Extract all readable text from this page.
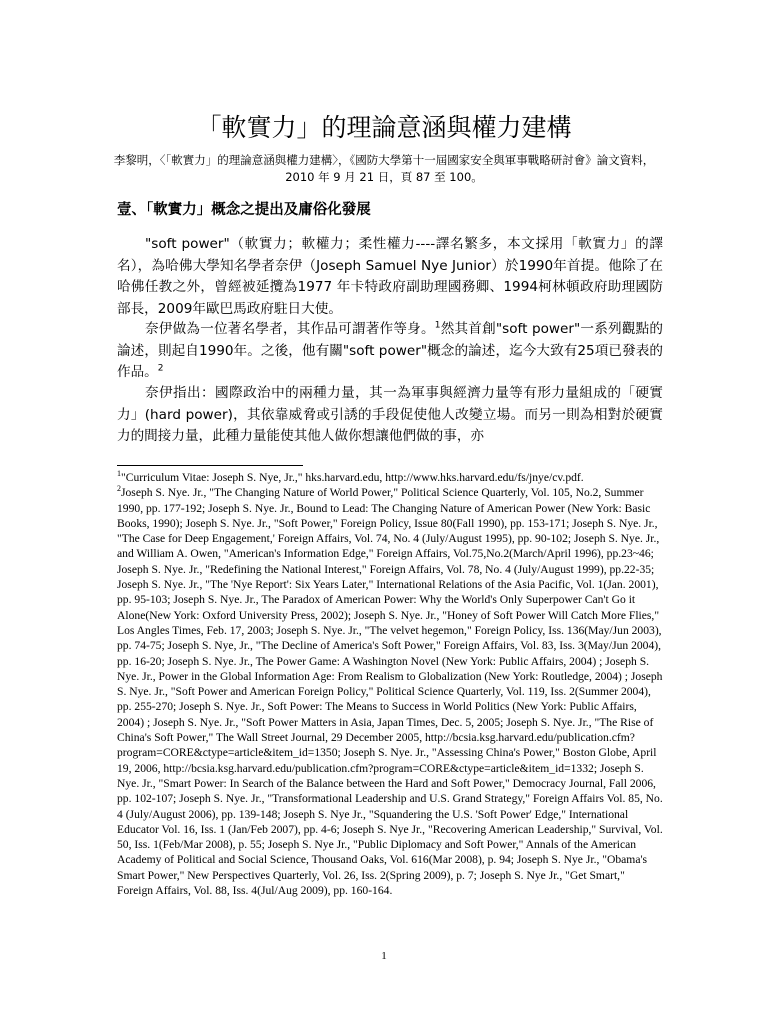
「軟實力」的理論意涵與權力建構
李黎明，〈「軟實力」的理論意涵與權力建構〉，《國防大學第十一屆國家安全與軍事戰略研討會》論文資料，2010 年 9 月 21 日，頁 87 至 100。
壹、「軟實力」概念之提出及庸俗化發展

"soft power"（軟實力；軟權力；柔性權力----譯名繁多，本文採用「軟實力」的譯名），為哈佛大學知名學者奈伊（Joseph Samuel Nye Junior）於1990年首提。他除了在哈佛任教之外，曾經被延攬為1977 年卡特政府副助理國務卿、1994柯林頓政府助理國防部長，2009年歐巴馬政府駐日大使。

奈伊做為一位著名學者，其作品可謂著作等身。$^1$然其首創"soft power"一系列觀點的論述，則起自1990年。之後，他有關"soft power"概念的論述，迄今大致有25項已發表的作品。$^2$

奈伊指出：國際政治中的兩種力量，其一為軍事與經濟力量等有形力量組成的「硬實力」(hard power)，其依靠威脅或引誘的手段促使他人改變立場。而另一則為相對於硬實力的間接力量，此種力量能使其他人做你想讓他們做的事，亦

$^1$"Curriculum Vitae: Joseph S. Nye, Jr.," hks.harvard.edu, http://www.hks.harvard.edu/fs/jnye/cv.pdf.

$^2$Joseph S. Nye. Jr., "The Changing Nature of World Power," Political Science Quarterly, Vol. 105, No.2, Summer 1990, pp. 177-192; Joseph S. Nye. Jr., Bound to Lead: The Changing Nature of American Power (New York: Basic Books, 1990); Joseph S. Nye. Jr., "Soft Power," Foreign Policy, Issue 80(Fall 1990), pp. 153-171; Joseph S. Nye. Jr., "The Case for Deep Engagement,' Foreign Affairs, Vol. 74, No. 4 (July/August 1995), pp. 90-102; Joseph S. Nye. Jr., and William A. Owen, "American's Information Edge," Foreign Affairs, Vol.75,No.2(March/April 1996), pp.23~46; Joseph S. Nye. Jr., "Redefining the National Interest," Foreign Affairs, Vol. 78, No. 4 (July/August 1999), pp.22-35; Joseph S. Nye. Jr., "The 'Nye Report': Six Years Later," International Relations of the Asia Pacific, Vol. 1(Jan. 2001), pp. 95-103; Joseph S. Nye. Jr., The Paradox of American Power: Why the World's Only Superpower Can't Go it Alone(New York: Oxford University Press, 2002); Joseph S. Nye. Jr., "Honey of Soft Power Will Catch More Flies," Los Angles Times, Feb. 17, 2003; Joseph S. Nye. Jr., "The velvet hegemon," Foreign Policy, Iss. 136(May/Jun 2003), pp. 74-75; Joseph S. Nye, Jr., "The Decline of America's Soft Power," Foreign Affairs, Vol. 83, Iss. 3(May/Jun 2004), pp. 16-20; Joseph S. Nye. Jr., The Power Game: A Washington Novel (New York: Public Affairs, 2004) ; Joseph S. Nye. Jr., Power in the Global Information Age: From Realism to Globalization (New York: Routledge, 2004) ; Joseph S. Nye. Jr., "Soft Power and American Foreign Policy," Political Science Quarterly, Vol. 119, Iss. 2(Summer 2004), pp. 255-270; Joseph S. Nye. Jr., Soft Power: The Means to Success in World Politics (New York: Public Affairs, 2004) ; Joseph S. Nye. Jr., "Soft Power Matters in Asia, Japan Times, Dec. 5, 2005; Joseph S. Nye. Jr., "The Rise of China's Soft Power," The Wall Street Journal, 29 December 2005, http://bcsia.ksg.harvard.edu/publication.cfm?program=CORE&ctype=article&item_id=1350; Joseph S. Nye. Jr., "Assessing China's Power," Boston Globe, April 19, 2006, http://bcsia.ksg.harvard.edu/publication.cfm?program=CORE&ctype=article&item_id=1332; Joseph S. Nye. Jr., "Smart Power: In Search of the Balance between the Hard and Soft Power," Democracy Journal, Fall 2006, pp. 102-107; Joseph S. Nye. Jr., "Transformational Leadership and U.S. Grand Strategy," Foreign Affairs Vol. 85, No. 4 (July/August 2006), pp. 139-148; Joseph S. Nye Jr., "Squandering the U.S. 'Soft Power' Edge," International Educator Vol. 16, Iss. 1 (Jan/Feb 2007), pp. 4-6; Joseph S. Nye Jr., "Recovering American Leadership," Survival, Vol. 50, Iss. 1(Feb/Mar 2008), p. 55; Joseph S. Nye Jr., "Public Diplomacy and Soft Power," Annals of the American Academy of Political and Social Science, Thousand Oaks, Vol. 616(Mar 2008), p. 94; Joseph S. Nye Jr., "Obama's Smart Power," New Perspectives Quarterly, Vol. 26, Iss. 2(Spring 2009), p. 7; Joseph S. Nye Jr., "Get Smart," Foreign Affairs, Vol. 88, Iss. 4(Jul/Aug 2009), pp. 160-164.

1
